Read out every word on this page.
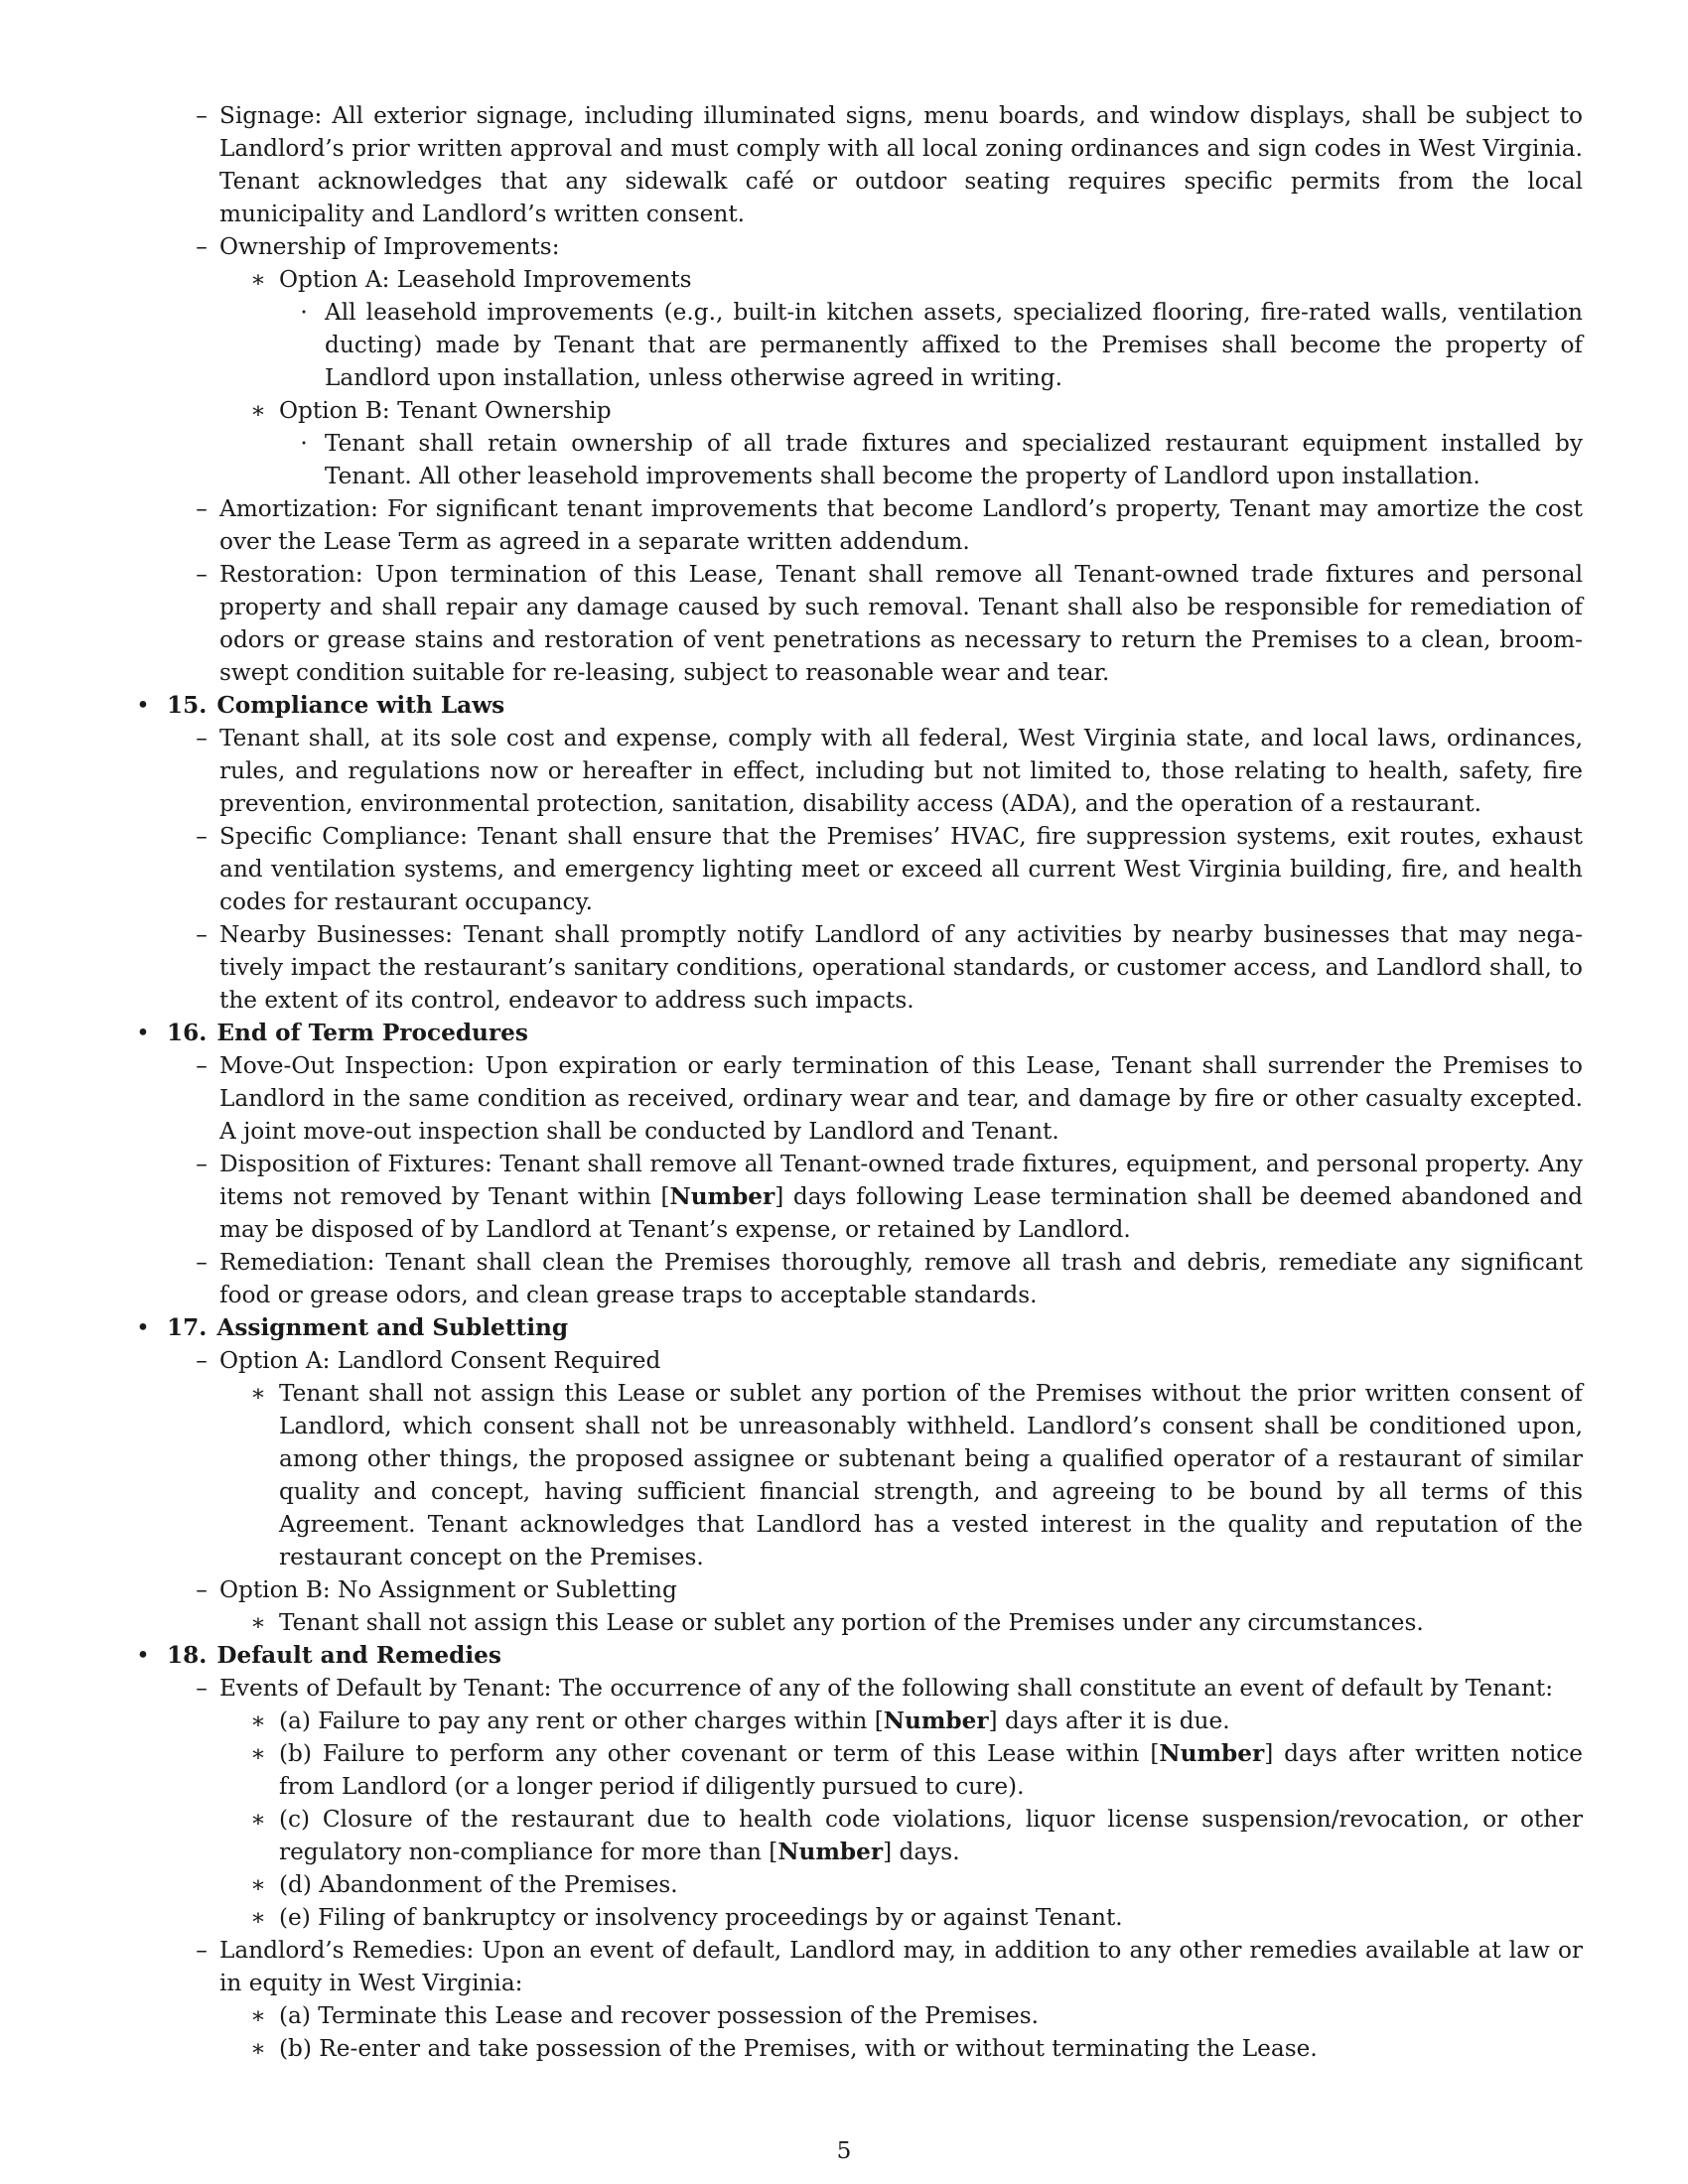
– Signage: All exterior signage, including illuminated signs, menu boards, and window displays, shall be subject to Landlord’s prior written approval and must comply with all local zoning ordinances and sign codes in West Virginia. Tenant acknowledges that any sidewalk café or outdoor seating requires specific permits from the local municipality and Landlord’s written consent.
– Ownership of Improvements:
∗ Option A: Leasehold Improvements
· All leasehold improvements (e.g., built-in kitchen assets, specialized flooring, fire-rated walls, ventilation ducting) made by Tenant that are permanently affixed to the Premises shall become the property of Landlord upon installation, unless otherwise agreed in writing.
∗ Option B: Tenant Ownership
· Tenant shall retain ownership of all trade fixtures and specialized restaurant equipment installed by Tenant. All other leasehold improvements shall become the property of Landlord upon installation.
– Amortization: For significant tenant improvements that become Landlord’s property, Tenant may amortize the cost over the Lease Term as agreed in a separate written addendum.
– Restoration: Upon termination of this Lease, Tenant shall remove all Tenant-owned trade fixtures and personal property and shall repair any damage caused by such removal. Tenant shall also be responsible for remediation of odors or grease stains and restoration of vent penetrations as necessary to return the Premises to a clean, broom-swept condition suitable for re-leasing, subject to reasonable wear and tear.
• 15. Compliance with Laws
– Tenant shall, at its sole cost and expense, comply with all federal, West Virginia state, and local laws, ordinances, rules, and regulations now or hereafter in effect, including but not limited to, those relating to health, safety, fire prevention, environmental protection, sanitation, disability access (ADA), and the operation of a restaurant.
– Specific Compliance: Tenant shall ensure that the Premises’ HVAC, fire suppression systems, exit routes, exhaust and ventilation systems, and emergency lighting meet or exceed all current West Virginia building, fire, and health codes for restaurant occupancy.
– Nearby Businesses: Tenant shall promptly notify Landlord of any activities by nearby businesses that may nega- tively impact the restaurant’s sanitary conditions, operational standards, or customer access, and Landlord shall, to the extent of its control, endeavor to address such impacts.
• 16. End of Term Procedures
– Move-Out Inspection: Upon expiration or early termination of this Lease, Tenant shall surrender the Premises to Landlord in the same condition as received, ordinary wear and tear, and damage by fire or other casualty excepted. A joint move-out inspection shall be conducted by Landlord and Tenant.
– Disposition of Fixtures: Tenant shall remove all Tenant-owned trade fixtures, equipment, and personal property. Any items not removed by Tenant within [Number] days following Lease termination shall be deemed abandoned and may be disposed of by Landlord at Tenant’s expense, or retained by Landlord.
– Remediation: Tenant shall clean the Premises thoroughly, remove all trash and debris, remediate any significant food or grease odors, and clean grease traps to acceptable standards.
• 17. Assignment and Subletting
– Option A: Landlord Consent Required
∗ Tenant shall not assign this Lease or sublet any portion of the Premises without the prior written consent of Landlord, which consent shall not be unreasonably withheld. Landlord’s consent shall be conditioned upon, among other things, the proposed assignee or subtenant being a qualified operator of a restaurant of similar quality and concept, having sufficient financial strength, and agreeing to be bound by all terms of this Agreement. Tenant acknowledges that Landlord has a vested interest in the quality and reputation of the restaurant concept on the Premises.
– Option B: No Assignment or Subletting
∗ Tenant shall not assign this Lease or sublet any portion of the Premises under any circumstances.
• 18. Default and Remedies
– Events of Default by Tenant: The occurrence of any of the following shall constitute an event of default by Tenant:
∗ (a) Failure to pay any rent or other charges within [Number] days after it is due.
∗ (b) Failure to perform any other covenant or term of this Lease within [Number] days after written notice from Landlord (or a longer period if diligently pursued to cure).
∗ (c) Closure of the restaurant due to health code violations, liquor license suspension/revocation, or other regulatory non-compliance for more than [Number] days.
∗ (d) Abandonment of the Premises.
∗ (e) Filing of bankruptcy or insolvency proceedings by or against Tenant.
– Landlord’s Remedies: Upon an event of default, Landlord may, in addition to any other remedies available at law or in equity in West Virginia:
∗ (a) Terminate this Lease and recover possession of the Premises.
∗ (b) Re-enter and take possession of the Premises, with or without terminating the Lease.
5
